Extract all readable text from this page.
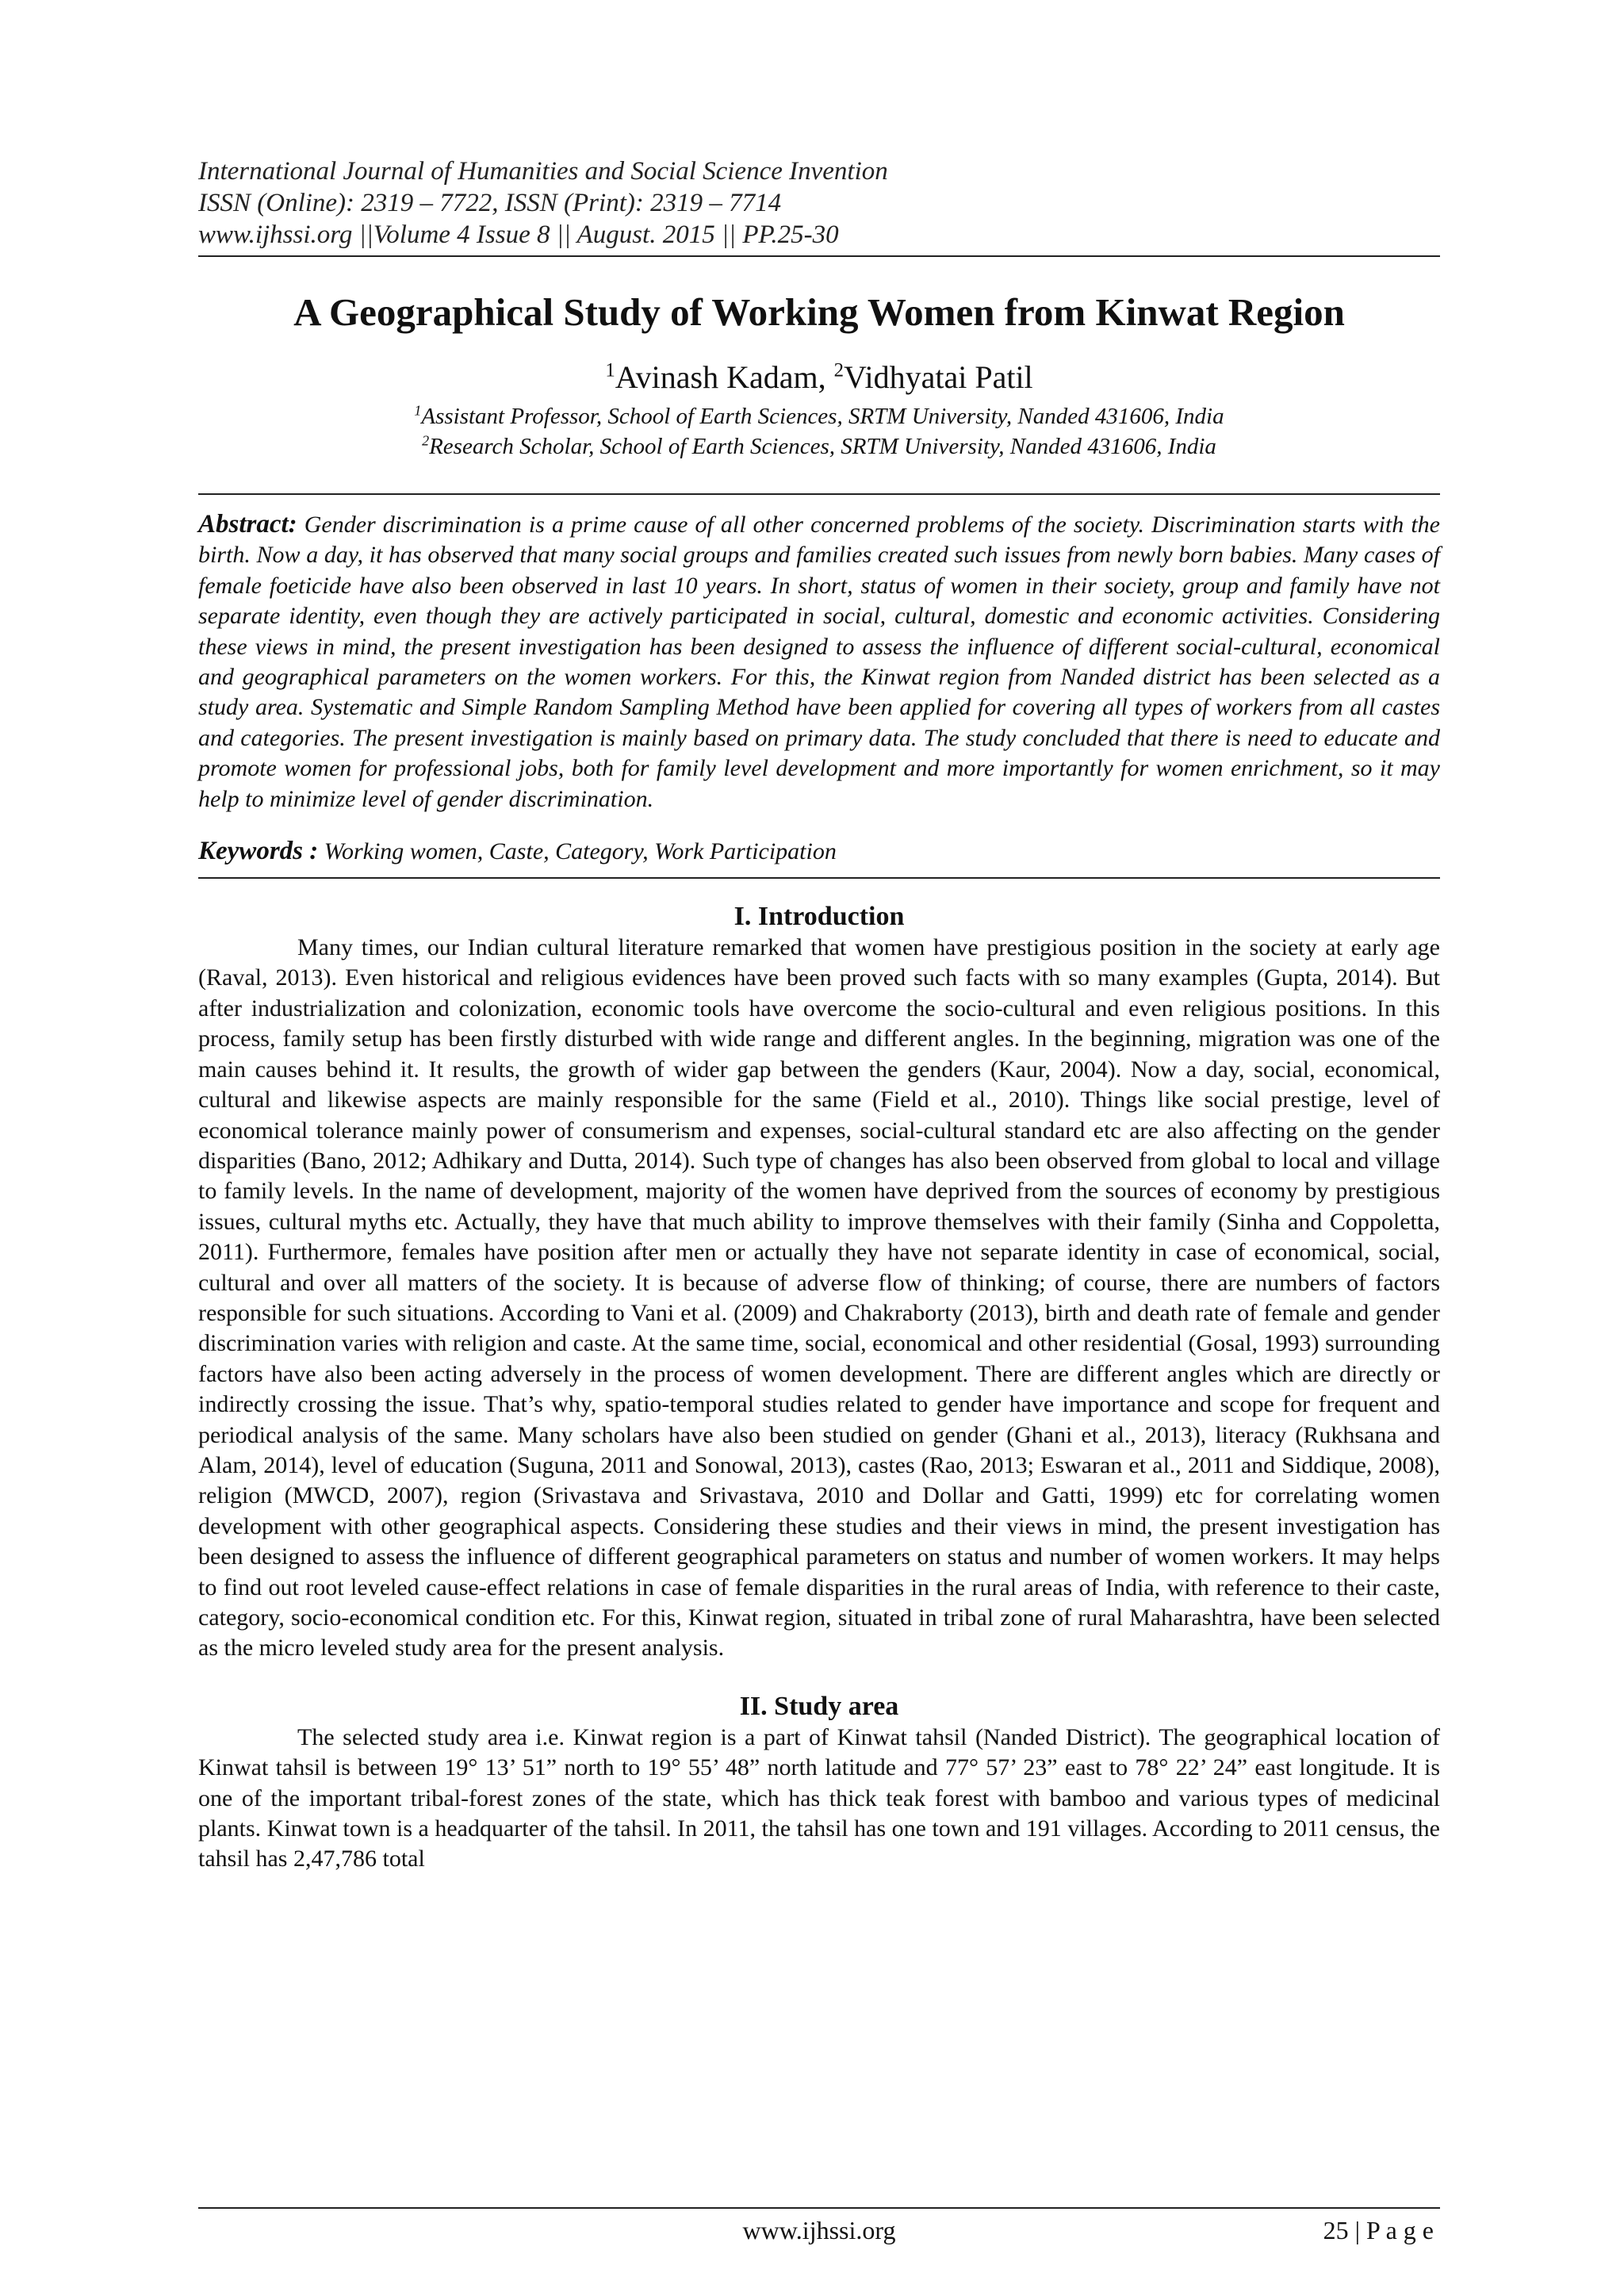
International Journal of Humanities and Social Science Invention
ISSN (Online): 2319 – 7722, ISSN (Print): 2319 – 7714
www.ijhssi.org ||Volume 4 Issue 8 || August. 2015 || PP.25-30
A Geographical Study of Working Women from Kinwat Region
$^1$Avinash Kadam, $^2$Vidhyatai Patil
$^1$Assistant Professor, School of Earth Sciences, SRTM University, Nanded 431606, India
$^2$Research Scholar, School of Earth Sciences, SRTM University, Nanded 431606, India
Abstract: Gender discrimination is a prime cause of all other concerned problems of the society. Discrimination starts with the birth. Now a day, it has observed that many social groups and families created such issues from newly born babies. Many cases of female foeticide have also been observed in last 10 years. In short, status of women in their society, group and family have not separate identity, even though they are actively participated in social, cultural, domestic and economic activities. Considering these views in mind, the present investigation has been designed to assess the influence of different social-cultural, economical and geographical parameters on the women workers. For this, the Kinwat region from Nanded district has been selected as a study area. Systematic and Simple Random Sampling Method have been applied for covering all types of workers from all castes and categories. The present investigation is mainly based on primary data. The study concluded that there is need to educate and promote women for professional jobs, both for family level development and more importantly for women enrichment, so it may help to minimize level of gender discrimination.
Keywords : Working women, Caste, Category, Work Participation
I. Introduction
Many times, our Indian cultural literature remarked that women have prestigious position in the society at early age (Raval, 2013). Even historical and religious evidences have been proved such facts with so many examples (Gupta, 2014). But after industrialization and colonization, economic tools have overcome the socio-cultural and even religious positions. In this process, family setup has been firstly disturbed with wide range and different angles. In the beginning, migration was one of the main causes behind it. It results, the growth of wider gap between the genders (Kaur, 2004). Now a day, social, economical, cultural and likewise aspects are mainly responsible for the same (Field et al., 2010). Things like social prestige, level of economical tolerance mainly power of consumerism and expenses, social-cultural standard etc are also affecting on the gender disparities (Bano, 2012; Adhikary and Dutta, 2014). Such type of changes has also been observed from global to local and village to family levels. In the name of development, majority of the women have deprived from the sources of economy by prestigious issues, cultural myths etc. Actually, they have that much ability to improve themselves with their family (Sinha and Coppoletta, 2011). Furthermore, females have position after men or actually they have not separate identity in case of economical, social, cultural and over all matters of the society. It is because of adverse flow of thinking; of course, there are numbers of factors responsible for such situations. According to Vani et al. (2009) and Chakraborty (2013), birth and death rate of female and gender discrimination varies with religion and caste. At the same time, social, economical and other residential (Gosal, 1993) surrounding factors have also been acting adversely in the process of women development. There are different angles which are directly or indirectly crossing the issue. That’s why, spatio-temporal studies related to gender have importance and scope for frequent and periodical analysis of the same. Many scholars have also been studied on gender (Ghani et al., 2013), literacy (Rukhsana and Alam, 2014), level of education (Suguna, 2011 and Sonowal, 2013), castes (Rao, 2013; Eswaran et al., 2011 and Siddique, 2008), religion (MWCD, 2007), region (Srivastava and Srivastava, 2010 and Dollar and Gatti, 1999) etc for correlating women development with other geographical aspects. Considering these studies and their views in mind, the present investigation has been designed to assess the influence of different geographical parameters on status and number of women workers. It may helps to find out root leveled cause-effect relations in case of female disparities in the rural areas of India, with reference to their caste, category, socio-economical condition etc. For this, Kinwat region, situated in tribal zone of rural Maharashtra, have been selected as the micro leveled study area for the present analysis.
II. Study area
The selected study area i.e. Kinwat region is a part of Kinwat tahsil (Nanded District). The geographical location of Kinwat tahsil is between 19° 13’ 51” north to 19° 55’ 48” north latitude and 77° 57’ 23” east to 78° 22’ 24” east longitude. It is one of the important tribal-forest zones of the state, which has thick teak forest with bamboo and various types of medicinal plants. Kinwat town is a headquarter of the tahsil. In 2011, the tahsil has one town and 191 villages. According to 2011 census, the tahsil has 2,47,786 total
www.ijhssi.org	25 | P a g e
